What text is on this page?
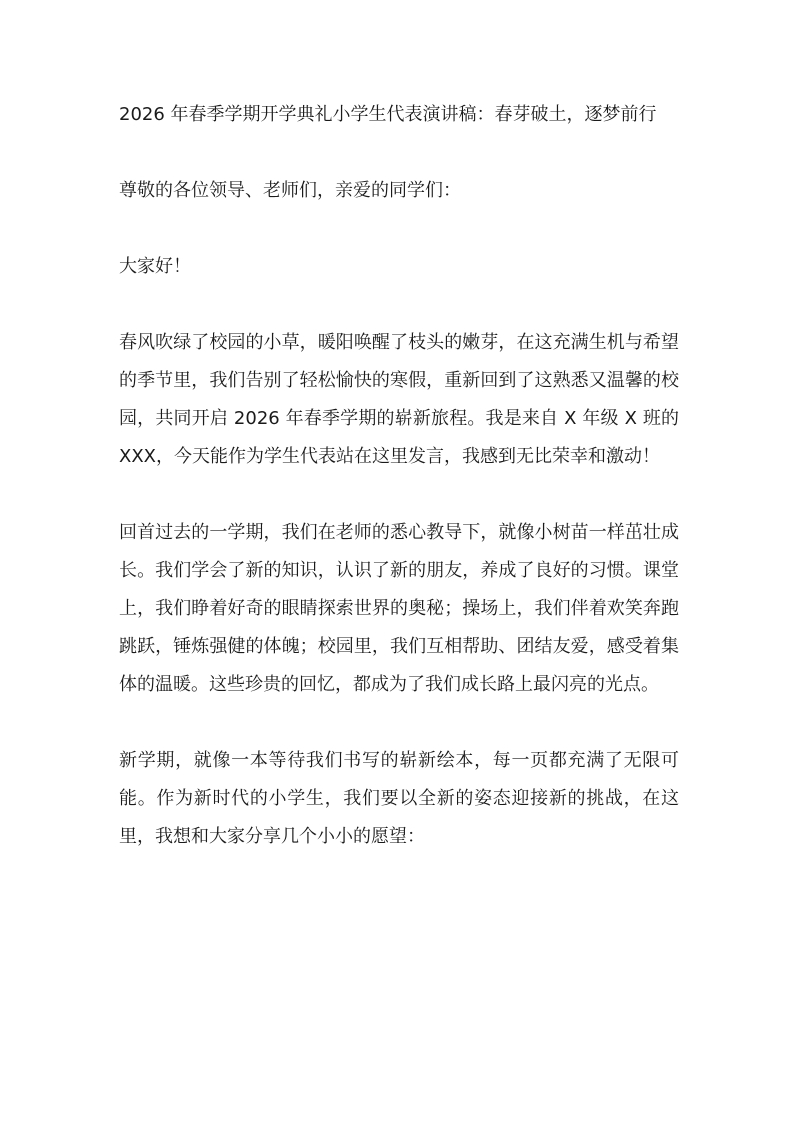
2026 年春季学期开学典礼小学生代表演讲稿：春芽破土，逐梦前行

尊敬的各位领导、老师们，亲爱的同学们：

大家好！

春风吹绿了校园的小草，暖阳唤醒了枝头的嫩芽，在这充满生机与希望的季节里，我们告别了轻松愉快的寒假，重新回到了这熟悉又温馨的校园，共同开启 2026 年春季学期的崭新旅程。我是来自 X 年级 X 班的 XXX，今天能作为学生代表站在这里发言，我感到无比荣幸和激动！

回首过去的一学期，我们在老师的悉心教导下，就像小树苗一样茁壮成长。我们学会了新的知识，认识了新的朋友，养成了良好的习惯。课堂上，我们睁着好奇的眼睛探索世界的奥秘；操场上，我们伴着欢笑奔跑跳跃，锤炼强健的体魄；校园里，我们互相帮助、团结友爱，感受着集体的温暖。这些珍贵的回忆，都成为了我们成长路上最闪亮的光点。

新学期，就像一本等待我们书写的崭新绘本，每一页都充满了无限可能。作为新时代的小学生，我们要以全新的姿态迎接新的挑战，在这里，我想和大家分享几个小小的愿望：
